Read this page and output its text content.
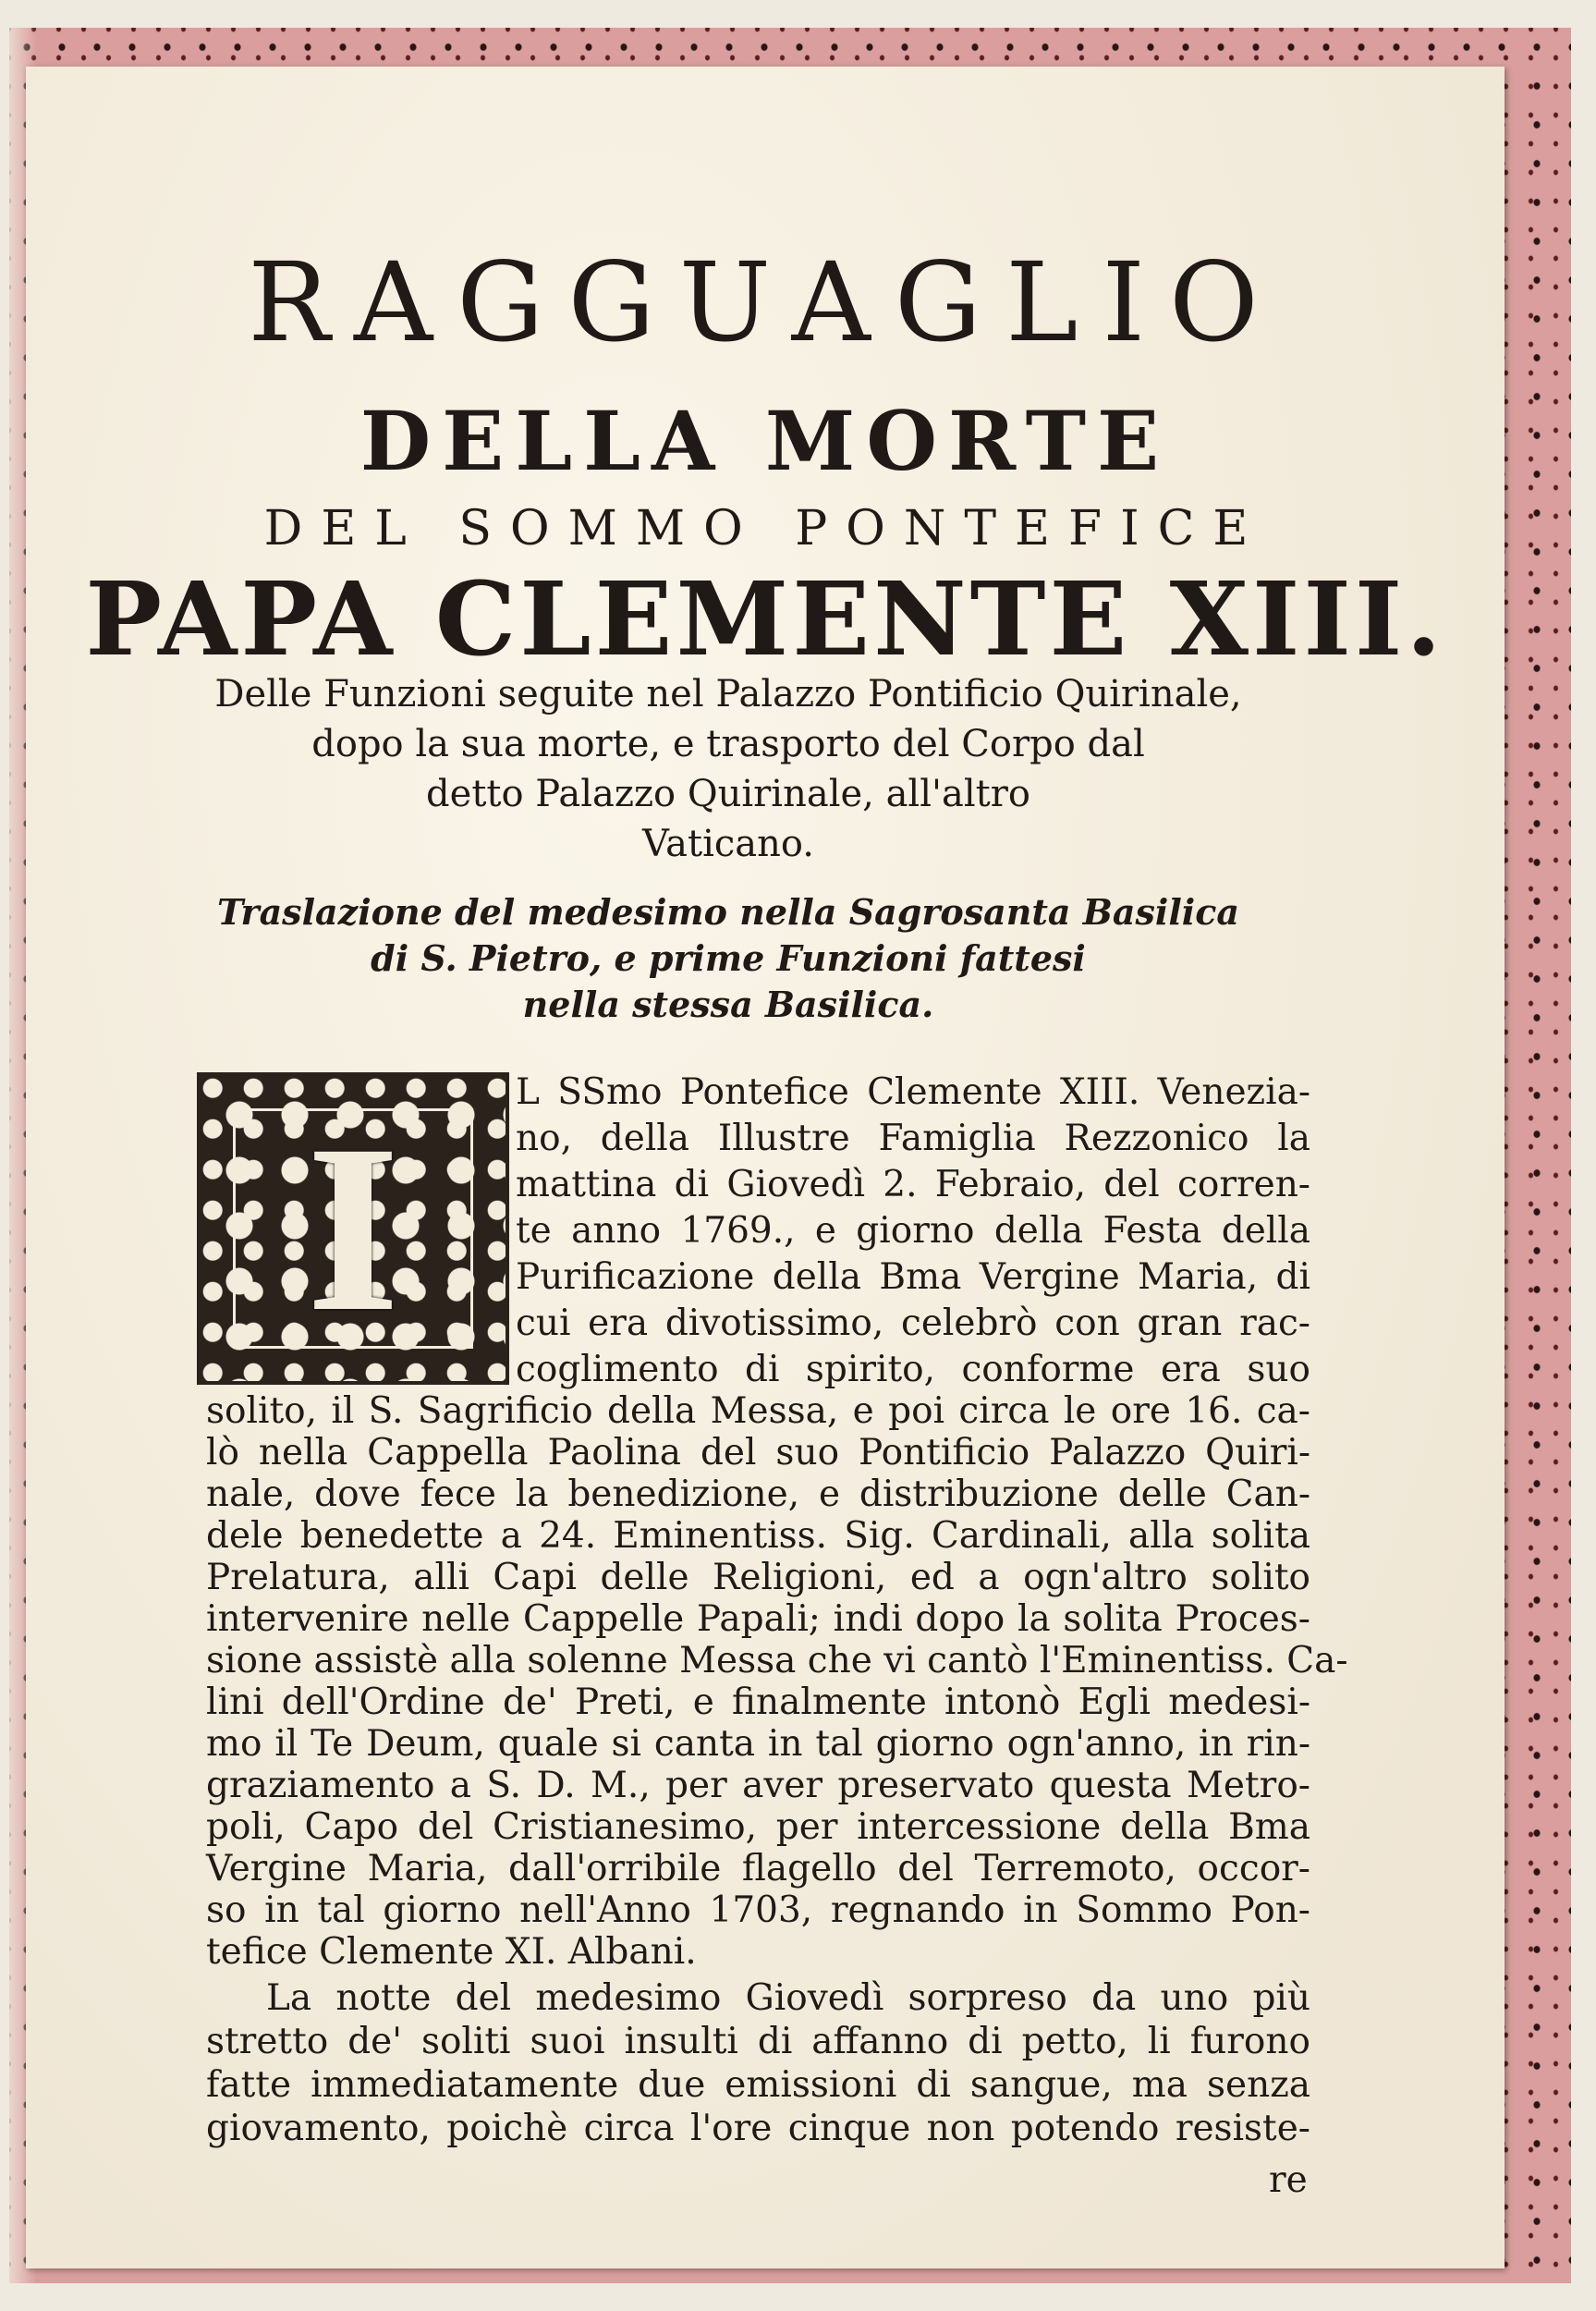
RAGGUAGLIO
DELLA MORTE
DEL SOMMO PONTEFICE
PAPA CLEMENTE XIII.
Delle Funzioni seguite nel Palazzo Pontificio Quirinale,
dopo la sua morte, e trasporto del Corpo dal
detto Palazzo Quirinale, all'altro
Vaticano.
Traslazione del medesimo nella Sagrosanta Basilica
di S. Pietro, e prime Funzioni fattesi
nella stessa Basilica.
I
L SSmo Pontefice Clemente XIII. Venezia-
no, della Illustre Famiglia Rezzonico la
mattina di Giovedì 2. Febraio, del corren-
te anno 1769., e giorno della Festa della
Purificazione della Bma Vergine Maria, di
cui era divotissimo, celebrò con gran rac-
coglimento di spirito, conforme era suo
solito, il S. Sagrificio della Messa, e poi circa le ore 16. ca-
lò nella Cappella Paolina del suo Pontificio Palazzo Quiri-
nale, dove fece la benedizione, e distribuzione delle Can-
dele benedette a 24. Eminentiss. Sig. Cardinali, alla solita
Prelatura, alli Capi delle Religioni, ed a ogn'altro solito
intervenire nelle Cappelle Papali; indi dopo la solita Proces-
sione assistè alla solenne Messa che vi cantò l'Eminentiss. Ca-
lini dell'Ordine de' Preti, e finalmente intonò Egli medesi-
mo il Te Deum, quale si canta in tal giorno ogn'anno, in rin-
graziamento a S. D. M., per aver preservato questa Metro-
poli, Capo del Cristianesimo, per intercessione della Bma
Vergine Maria, dall'orribile flagello del Terremoto, occor-
so in tal giorno nell'Anno 1703, regnando in Sommo Pon-
tefice Clemente XI. Albani.
La notte del medesimo Giovedì sorpreso da uno più
stretto de' soliti suoi insulti di affanno di petto, li furono
fatte immediatamente due emissioni di sangue, ma senza
giovamento, poichè circa l'ore cinque non potendo resiste-
re
